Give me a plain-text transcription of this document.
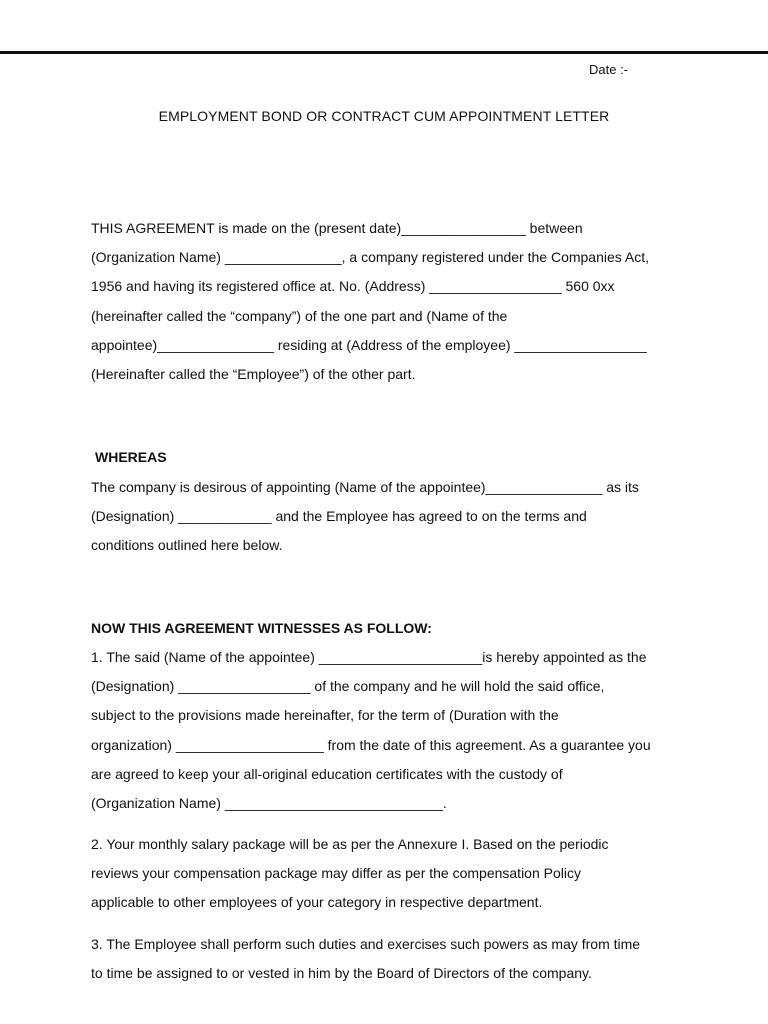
Date :-
EMPLOYMENT BOND OR CONTRACT CUM APPOINTMENT LETTER
THIS AGREEMENT is made on the (present date)________________ between
(Organization Name) _______________, a company registered under the Companies Act,
1956 and having its registered office at. No. (Address) _________________ 560 0xx
(hereinafter called the “company”) of the one part and (Name of the
appointee)_______________ residing at (Address of the employee) _________________
(Hereinafter called the “Employee”) of the other part.
WHEREAS
The company is desirous of appointing (Name of the appointee)_______________ as its
(Designation) ____________ and the Employee has agreed to on the terms and
conditions outlined here below.
NOW THIS AGREEMENT WITNESSES AS FOLLOW:
1. The said (Name of the appointee) _____________________is hereby appointed as the
(Designation) _________________ of the company and he will hold the said office,
subject to the provisions made hereinafter, for the term of (Duration with the
organization) ___________________ from the date of this agreement. As a guarantee you
are agreed to keep your all-original education certificates with the custody of
(Organization Name) ____________________________.
2. Your monthly salary package will be as per the Annexure I. Based on the periodic
reviews your compensation package may differ as per the compensation Policy
applicable to other employees of your category in respective department.
3. The Employee shall perform such duties and exercises such powers as may from time
to time be assigned to or vested in him by the Board of Directors of the company.
